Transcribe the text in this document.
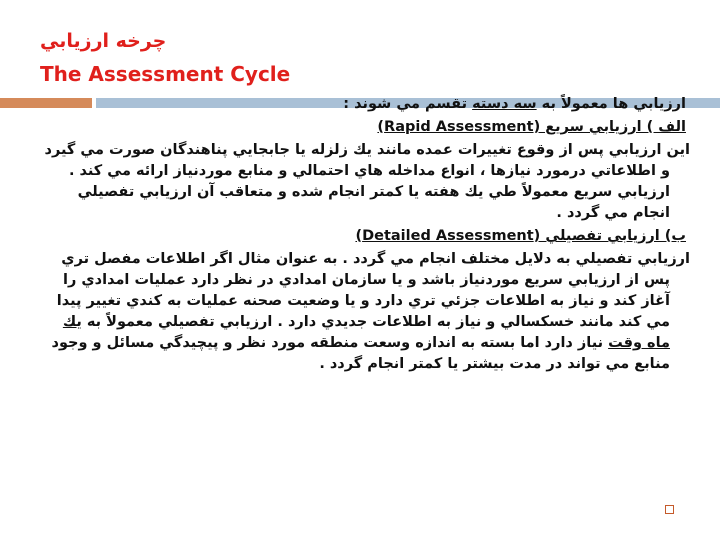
چرخه ارزيابي
The Assessment Cycle

ارزيابي ها معمولاً به سه دسته تقسم مي شوند :

الف ) ارزيابي سريع (Rapid Assessment)

اين ارزيابي پس از وقوع تغييرات عمده مانند يك زلزله يا جابجايي پناهندگان صورت مي گيرد و اطلاعاتي درمورد نيازها ، انواع مداخله هاي احتمالي و منابع موردنياز ارائه مي كند . ارزيابي سريع معمولاً طي يك هفته يا كمتر انجام شده و متعاقب آن ارزيابي تفصيلي انجام مي گردد .

ب) ارزيابي تفصيلي (Detailed Assessment)

ارزيابي تفصيلي به دلايل مختلف انجام مي گردد . به عنوان مثال اگر اطلاعات مفصل تري پس از ارزيابي سريع موردنياز باشد و يا سازمان امدادي در نظر دارد عمليات امدادي را آغاز كند و نياز به اطلاعات جزئي تري دارد و يا وضعيت صحنه عمليات به كندي تغيير پيدا مي كند مانند خسكسالي و نياز به اطلاعات جديدي دارد . ارزيابي تفصيلي معمولاً به يك ماه وقت نياز دارد اما بسته به اندازه وسعت منطقه مورد نظر و پيچيدگي مسائل و وجود منابع مي تواند در مدت بيشتر يا كمتر انجام گردد .
